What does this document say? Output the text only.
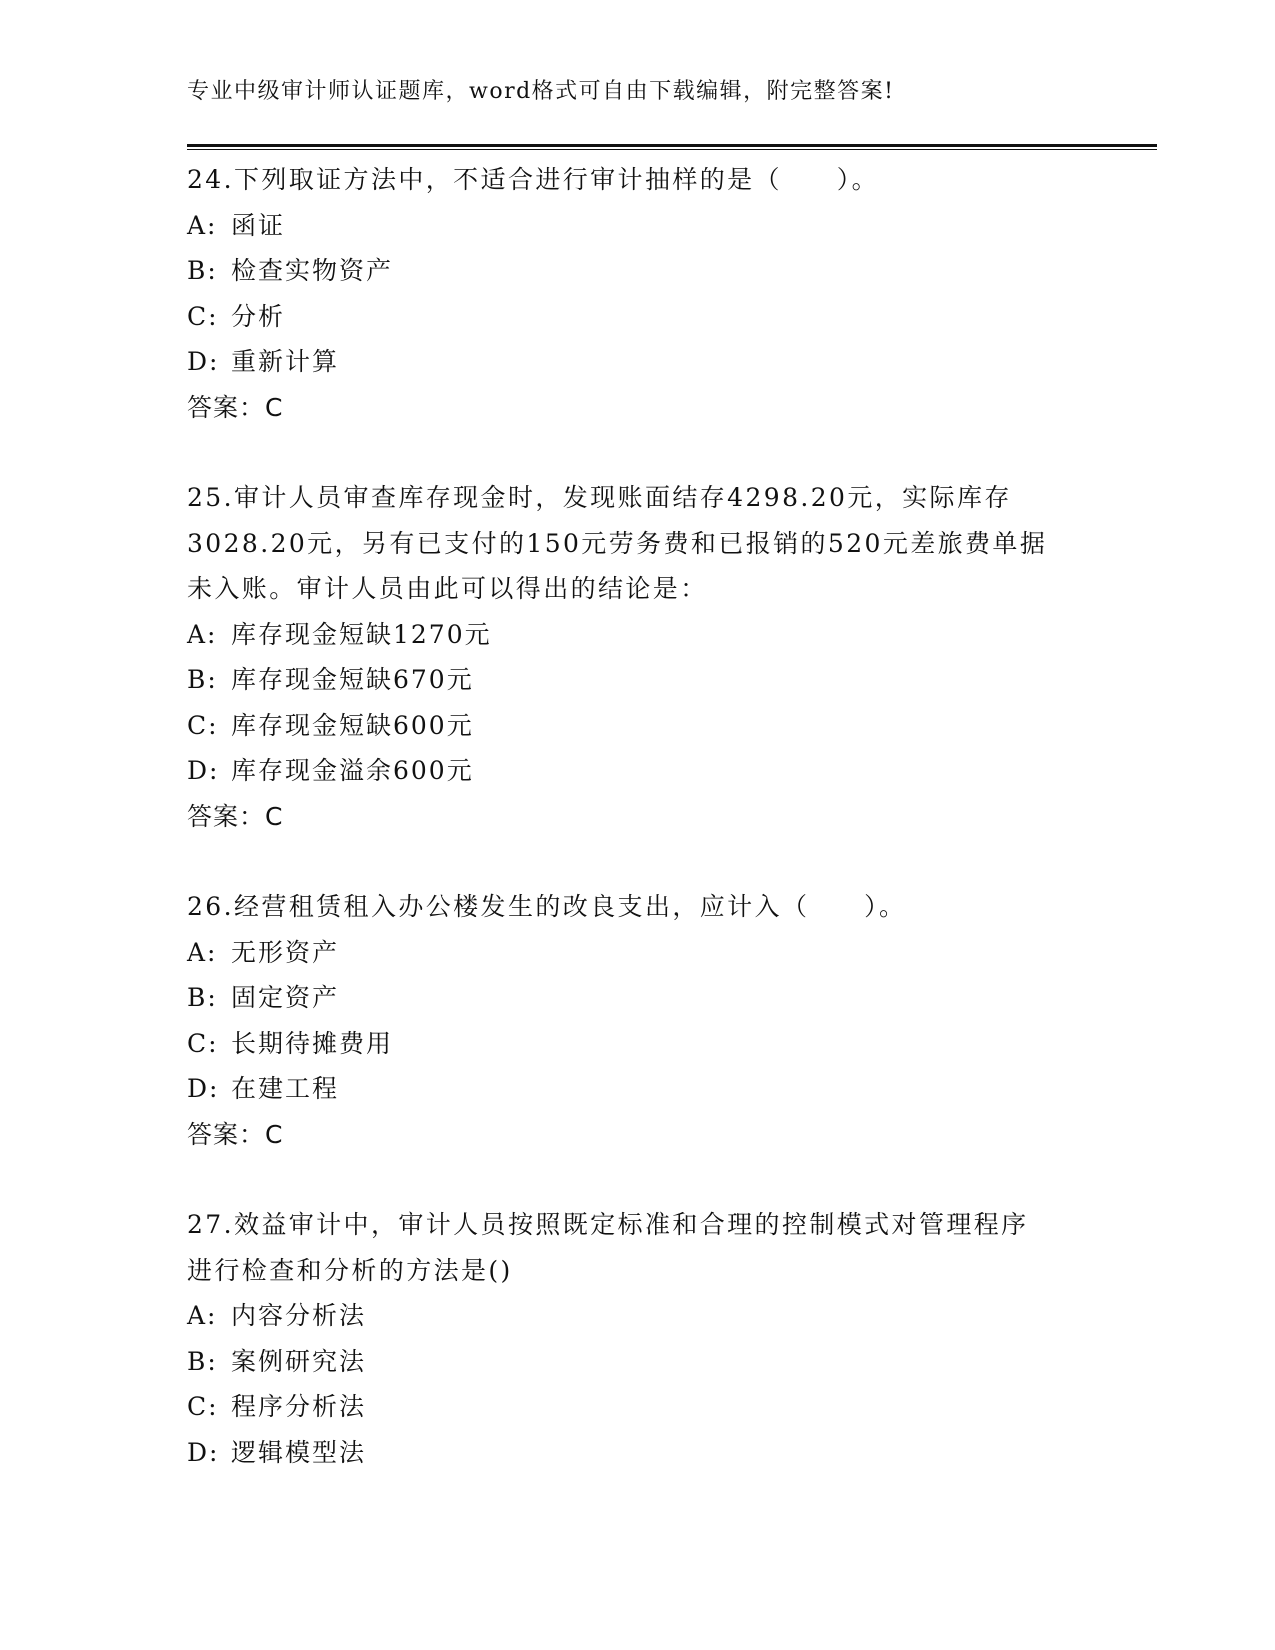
专业中级审计师认证题库，word格式可自由下载编辑，附完整答案!
24.下列取证方法中，不适合进行审计抽样的是（　　）。
A: 函证
B: 检查实物资产
C: 分析
D: 重新计算
答案：C
25.审计人员审查库存现金时，发现账面结存4298.20元，实际库存
3028.20元，另有已支付的150元劳务费和已报销的520元差旅费单据
未入账。审计人员由此可以得出的结论是：
A: 库存现金短缺1270元
B: 库存现金短缺670元
C: 库存现金短缺600元
D: 库存现金溢余600元
答案：C
26.经营租赁租入办公楼发生的改良支出，应计入（　　）。
A: 无形资产
B: 固定资产
C: 长期待摊费用
D: 在建工程
答案：C
27.效益审计中，审计人员按照既定标准和合理的控制模式对管理程序
进行检查和分析的方法是()
A: 内容分析法
B: 案例研究法
C: 程序分析法
D: 逻辑模型法
